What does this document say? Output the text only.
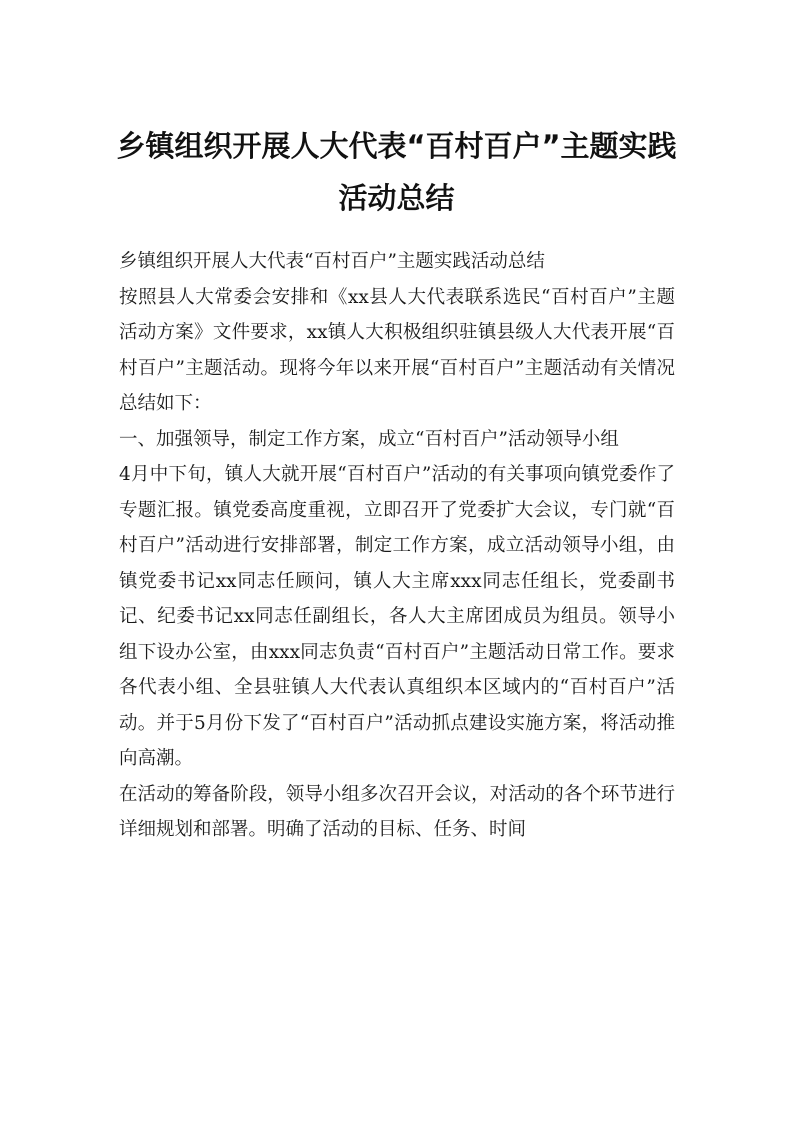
乡镇组织开展人大代表“百村百户”主题实践活动总结

乡镇组织开展人大代表“百村百户”主题实践活动总结

按照县人大常委会安排和《xx县人大代表联系选民“百村百户”主题活动方案》文件要求，xx镇人大积极组织驻镇县级人大代表开展“百村百户”主题活动。现将今年以来开展“百村百户”主题活动有关情况总结如下：

一、加强领导，制定工作方案，成立“百村百户”活动领导小组

4月中下旬，镇人大就开展“百村百户”活动的有关事项向镇党委作了专题汇报。镇党委高度重视，立即召开了党委扩大会议，专门就“百村百户”活动进行安排部署，制定工作方案，成立活动领导小组，由镇党委书记xx同志任顾问，镇人大主席xxx同志任组长，党委副书记、纪委书记xx同志任副组长，各人大主席团成员为组员。领导小组下设办公室，由xxx同志负责“百村百户”主题活动日常工作。要求各代表小组、全县驻镇人大代表认真组织本区域内的“百村百户”活动。并于5月份下发了“百村百户”活动抓点建设实施方案，将活动推向高潮。

在活动的筹备阶段，领导小组多次召开会议，对活动的各个环节进行详细规划和部署。明确了活动的目标、任务、时间
